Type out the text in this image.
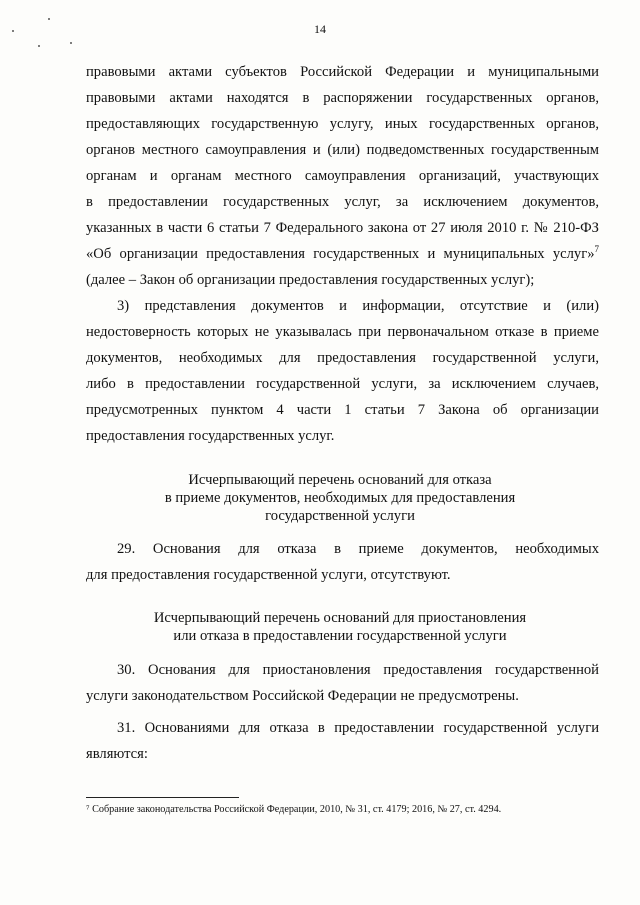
14
правовыми актами субъектов Российской Федерации и муниципальными
правовыми актами находятся в распоряжении государственных органов,
предоставляющих государственную услугу, иных государственных органов,
органов местного самоуправления и (или) подведомственных государственным
органам и органам местного самоуправления организаций, участвующих
в предоставлении государственных услуг, за исключением документов,
указанных в части 6 статьи 7 Федерального закона от 27 июля 2010 г. № 210-ФЗ
«Об организации предоставления государственных и муниципальных услуг»$^7$
(далее – Закон об организации предоставления государственных услуг);
3) представления документов и информации, отсутствие и (или)
недостоверность которых не указывалась при первоначальном отказе в приеме
документов, необходимых для предоставления государственной услуги,
либо в предоставлении государственной услуги, за исключением случаев,
предусмотренных пунктом 4 части 1 статьи 7 Закона об организации
предоставления государственных услуг.
Исчерпывающий перечень оснований для отказа
в приеме документов, необходимых для предоставления
государственной услуги
29. Основания для отказа в приеме документов, необходимых
для предоставления государственной услуги, отсутствуют.
Исчерпывающий перечень оснований для приостановления
или отказа в предоставлении государственной услуги
30. Основания для приостановления предоставления государственной
услуги законодательством Российской Федерации не предусмотрены.
31. Основаниями для отказа в предоставлении государственной услуги
являются:
⁷ Собрание законодательства Российской Федерации, 2010, № 31, ст. 4179; 2016, № 27, ст. 4294.
